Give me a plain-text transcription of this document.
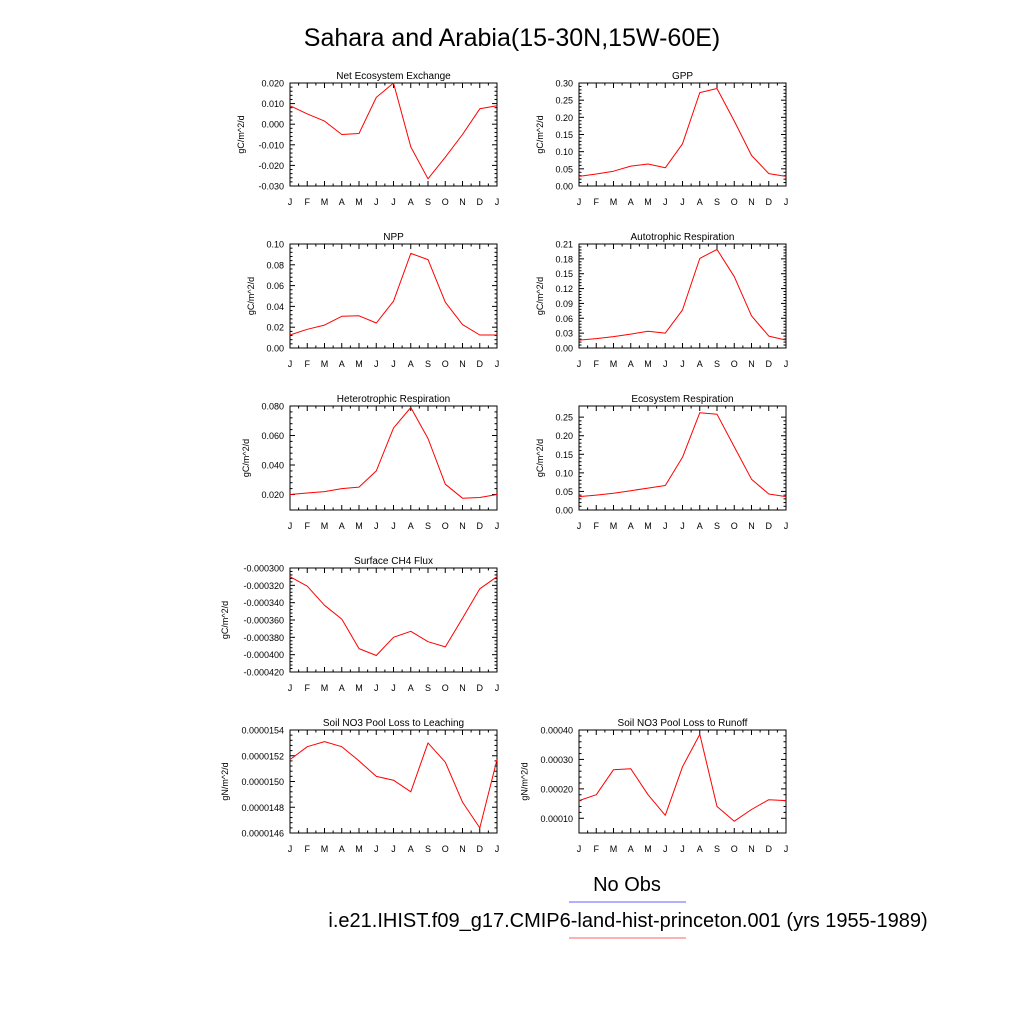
Sahara and Arabia(15-30N,15W-60E)
Net Ecosystem Exchange
J F M A M J J A S O N D J
-0.030
-0.020
-0.010
0.000
0.010
0.020
gC/m^2/d
GPP
J F M A M J J A S O N D J
0.00
0.05
0.10
0.15
0.20
0.25
0.30
gC/m^2/d
NPP
J F M A M J J A S O N D J
0.00
0.02
0.04
0.06
0.08
0.10
gC/m^2/d
Autotrophic Respiration
J F M A M J J A S O N D J
0.00
0.03
0.06
0.09
0.12
0.15
0.18
0.21
gC/m^2/d
Heterotrophic Respiration
J F M A M J J A S O N D J
0.020
0.040
0.060
0.080
gC/m^2/d
Ecosystem Respiration
J F M A M J J A S O N D J
0.00
0.05
0.10
0.15
0.20
0.25
gC/m^2/d
Surface CH4 Flux
J F M A M J J A S O N D J
-0.000420
-0.000400
-0.000380
-0.000360
-0.000340
-0.000320
-0.000300
gC/m^2/d
Soil NO3 Pool Loss to Leaching
J F M A M J J A S O N D J
0.0000146
0.0000148
0.0000150
0.0000152
0.0000154
gN/m^2/d
Soil NO3 Pool Loss to Runoff
J F M A M J J A S O N D J
0.00010
0.00020
0.00030
0.00040
gN/m^2/d
No Obs
i.e21.IHIST.f09_g17.CMIP6-land-hist-princeton.001 (yrs 1955-1989)
